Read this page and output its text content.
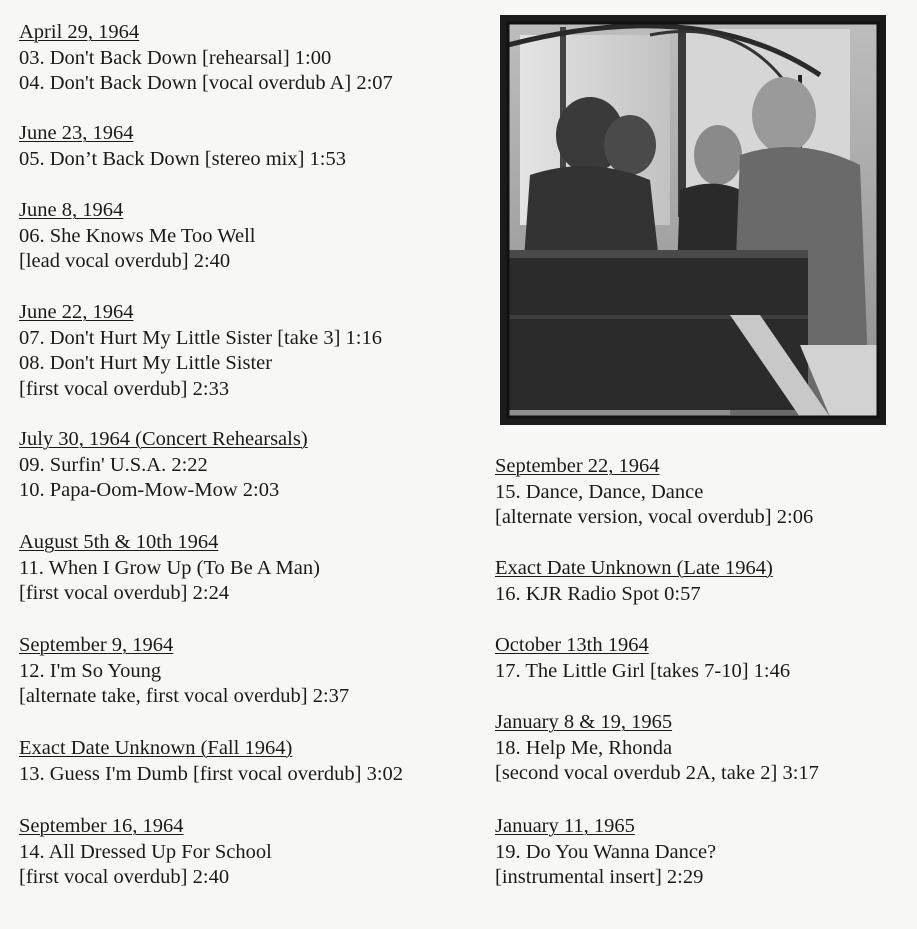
April 29, 1964
03. Don't Back Down [rehearsal] 1:00
04. Don't Back Down [vocal overdub A] 2:07
June 23, 1964
05. Don’t Back Down [stereo mix] 1:53
June 8, 1964
06. She Knows Me Too Well
[lead vocal overdub] 2:40
June 22, 1964
07. Don't Hurt My Little Sister [take 3] 1:16
08. Don't Hurt My Little Sister
[first vocal overdub] 2:33
July 30, 1964 (Concert Rehearsals)
09. Surfin' U.S.A. 2:22
10. Papa-Oom-Mow-Mow 2:03
August 5th & 10th 1964
11. When I Grow Up (To Be A Man)
[first vocal overdub] 2:24
September 9, 1964
12. I'm So Young
[alternate take, first vocal overdub] 2:37
Exact Date Unknown (Fall 1964)
13. Guess I'm Dumb [first vocal overdub] 3:02
September 16, 1964
14. All Dressed Up For School
[first vocal overdub] 2:40
September 22, 1964
15. Dance, Dance, Dance
[alternate version, vocal overdub] 2:06
Exact Date Unknown (Late 1964)
16. KJR Radio Spot 0:57
October 13th 1964
17. The Little Girl [takes 7-10] 1:46
January 8 & 19, 1965
18. Help Me, Rhonda
[second vocal overdub 2A, take 2] 3:17
January 11, 1965
19. Do You Wanna Dance?
[instrumental insert] 2:29
